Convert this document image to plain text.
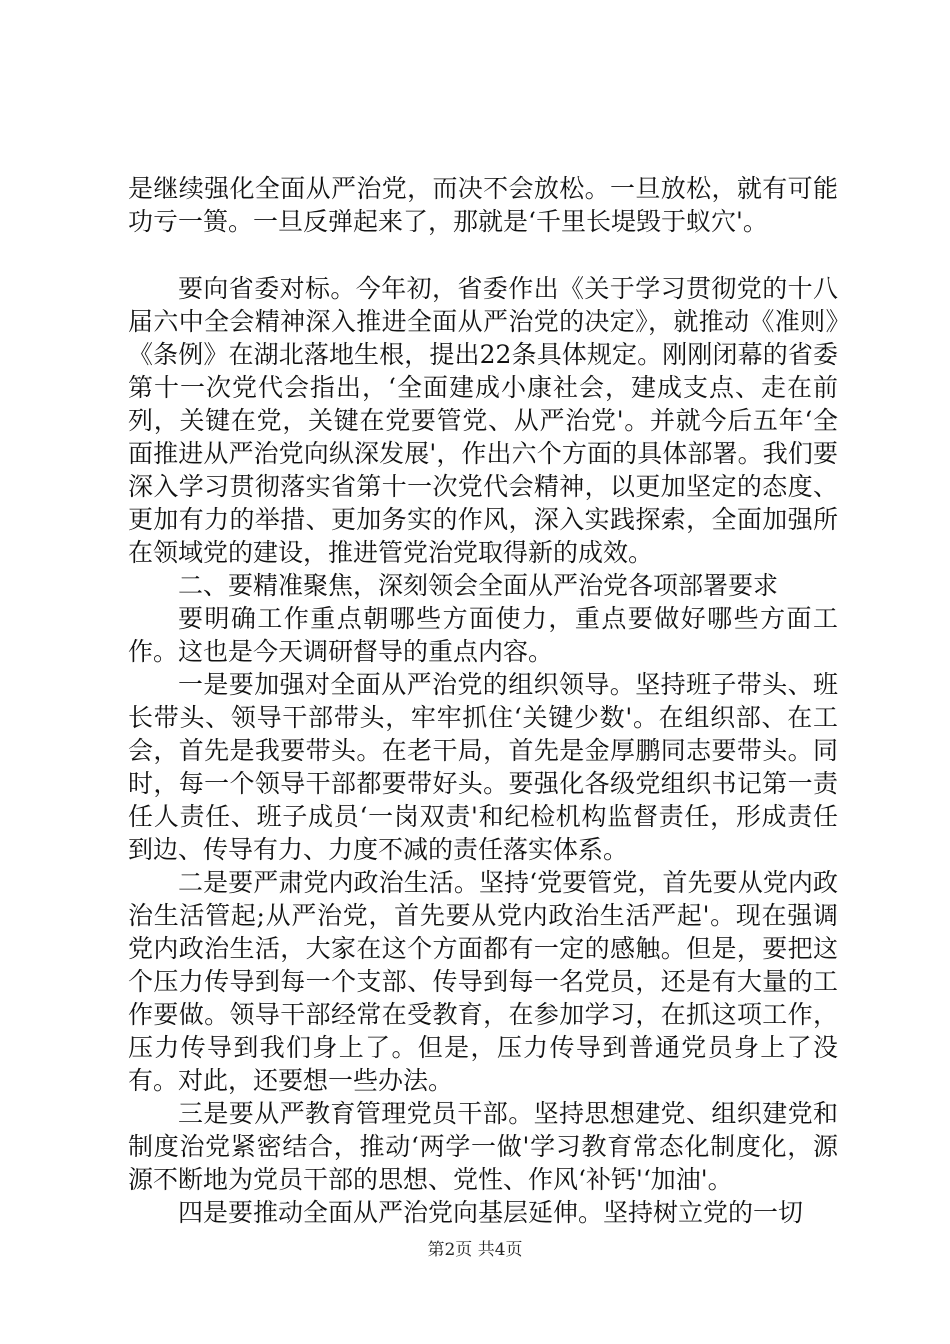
是继续强化全面从严治党，而决不会放松。一旦放松，就有可能功亏一篑。一旦反弹起来了，那就是‘千里长堤毁于蚁穴'。

要向省委对标。今年初，省委作出《关于学习贯彻党的十八届六中全会精神深入推进全面从严治党的决定》，就推动《准则》《条例》在湖北落地生根，提出22条具体规定。刚刚闭幕的省委第十一次党代会指出，‘全面建成小康社会，建成支点、走在前列，关键在党，关键在党要管党、从严治党'。并就今后五年‘全面推进从严治党向纵深发展'，作出六个方面的具体部署。我们要深入学习贯彻落实省第十一次党代会精神，以更加坚定的态度、更加有力的举措、更加务实的作风，深入实践探索，全面加强所在领域党的建设，推进管党治党取得新的成效。

二、要精准聚焦，深刻领会全面从严治党各项部署要求

要明确工作重点朝哪些方面使力，重点要做好哪些方面工作。这也是今天调研督导的重点内容。

一是要加强对全面从严治党的组织领导。坚持班子带头、班长带头、领导干部带头，牢牢抓住‘关键少数'。在组织部、在工会，首先是我要带头。在老干局，首先是金厚鹏同志要带头。同时，每一个领导干部都要带好头。要强化各级党组织书记第一责任人责任、班子成员‘一岗双责'和纪检机构监督责任，形成责任到边、传导有力、力度不减的责任落实体系。

二是要严肃党内政治生活。坚持‘党要管党，首先要从党内政治生活管起;从严治党，首先要从党内政治生活严起'。现在强调党内政治生活，大家在这个方面都有一定的感触。但是，要把这个压力传导到每一个支部、传导到每一名党员，还是有大量的工作要做。领导干部经常在受教育，在参加学习，在抓这项工作，压力传导到我们身上了。但是，压力传导到普通党员身上了没有。对此，还要想一些办法。

三是要从严教育管理党员干部。坚持思想建党、组织建党和制度治党紧密结合，推动‘两学一做'学习教育常态化制度化，源源不断地为党员干部的思想、党性、作风‘补钙'‘加油'。

四是要推动全面从严治党向基层延伸。坚持树立党的一切

第2页 共4页
